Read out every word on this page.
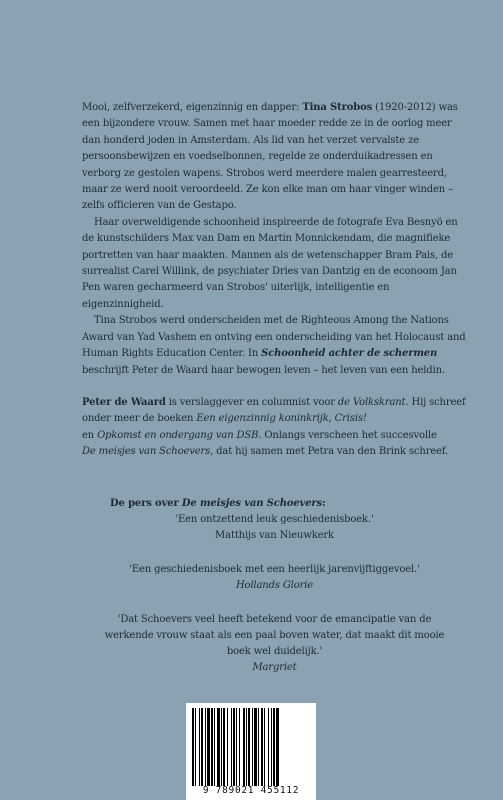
Mooi, zelfverzekerd, eigenzinnig en dapper: Tina Strobos (1920-2012) was een bijzondere vrouw. Samen met haar moeder redde ze in de oorlog meer dan honderd joden in Amsterdam. Als lid van het verzet vervalste ze persoonsbewijzen en voedselbonnen, regelde ze onderduikadressen en verborg ze gestolen wapens. Strobos werd meerdere malen gearresteerd, maar ze werd nooit veroordeeld. Ze kon elke man om haar vinger winden – zelfs officieren van de Gestapo.

Haar overweldigende schoonheid inspireerde de fotografe Eva Besnyö en de kunstschilders Max van Dam en Martin Monnickendam, die magnifieke portretten van haar maakten. Mannen als de wetenschapper Bram Pais, de surrealist Carel Willink, de psychiater Dries van Dantzig en de econoom Jan Pen waren gecharmeerd van Strobos' uiterlijk, intelligentie en eigenzinnigheid.

Tina Strobos werd onderscheiden met de Righteous Among the Nations Award van Yad Vashem en ontving een onderscheiding van het Holocaust and Human Rights Education Center. In Schoonheid achter de schermen beschrijft Peter de Waard haar bewogen leven – het leven van een heldin.

Peter de Waard is verslaggever en columnist voor de Volkskrant. Hij schreef onder meer de boeken Een eigenzinnig koninkrijk, Crisis!
en Opkomst en ondergang van DSB. Onlangs verscheen het succesvolle
De meisjes van Schoevers, dat hij samen met Petra van den Brink schreef.

De pers over De meisjes van Schoevers:
'Een ontzettend leuk geschiedenisboek.'
Matthijs van Nieuwkerk
'Een geschiedenisboek met een heerlijk jarenvijftiggevoel.'
Hollands Glorie
'Dat Schoevers veel heeft betekend voor de emancipatie van de werkende vrouw staat als een paal boven water, dat maakt dit mooie boek wel duidelijk.'
Margriet
9 789021 455112
